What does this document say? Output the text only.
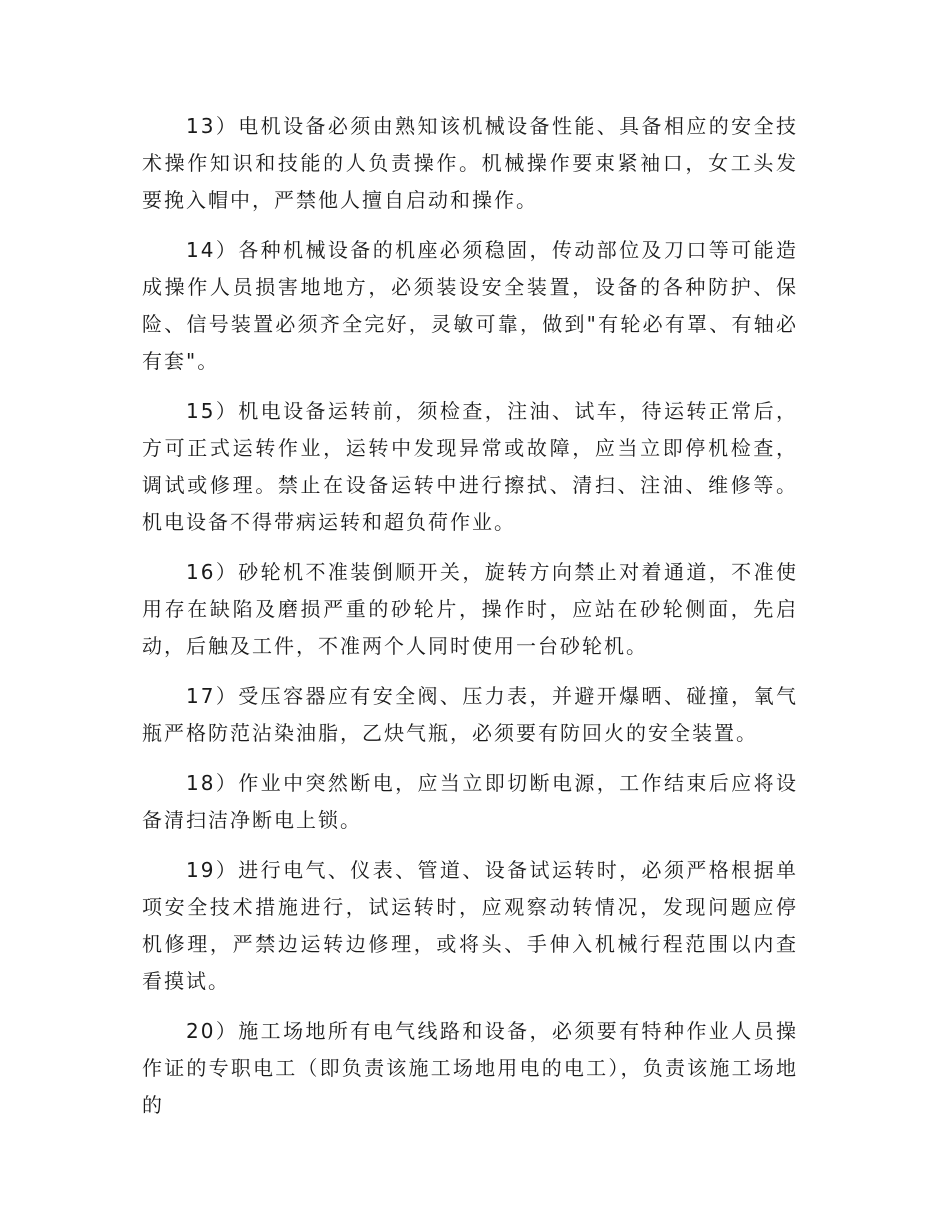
13）电机设备必须由熟知该机械设备性能、具备相应的安全技术操作知识和技能的人负责操作。机械操作要束紧袖口，女工头发要挽入帽中，严禁他人擅自启动和操作。

14）各种机械设备的机座必须稳固，传动部位及刀口等可能造成操作人员损害地地方，必须装设安全装置，设备的各种防护、保险、信号装置必须齐全完好，灵敏可靠，做到"有轮必有罩、有轴必有套"。

15）机电设备运转前，须检查，注油、试车，待运转正常后，方可正式运转作业，运转中发现异常或故障，应当立即停机检查，调试或修理。禁止在设备运转中进行擦拭、清扫、注油、维修等。机电设备不得带病运转和超负荷作业。

16）砂轮机不准装倒顺开关，旋转方向禁止对着通道，不准使用存在缺陷及磨损严重的砂轮片，操作时，应站在砂轮侧面，先启动，后触及工件，不准两个人同时使用一台砂轮机。

17）受压容器应有安全阀、压力表，并避开爆晒、碰撞，氧气瓶严格防范沾染油脂，乙炔气瓶，必须要有防回火的安全装置。

18）作业中突然断电，应当立即切断电源，工作结束后应将设备清扫洁净断电上锁。

19）进行电气、仪表、管道、设备试运转时，必须严格根据单项安全技术措施进行，试运转时，应观察动转情况，发现问题应停机修理，严禁边运转边修理，或将头、手伸入机械行程范围以内查看摸试。

20）施工场地所有电气线路和设备，必须要有特种作业人员操作证的专职电工（即负责该施工场地用电的电工），负责该施工场地的
